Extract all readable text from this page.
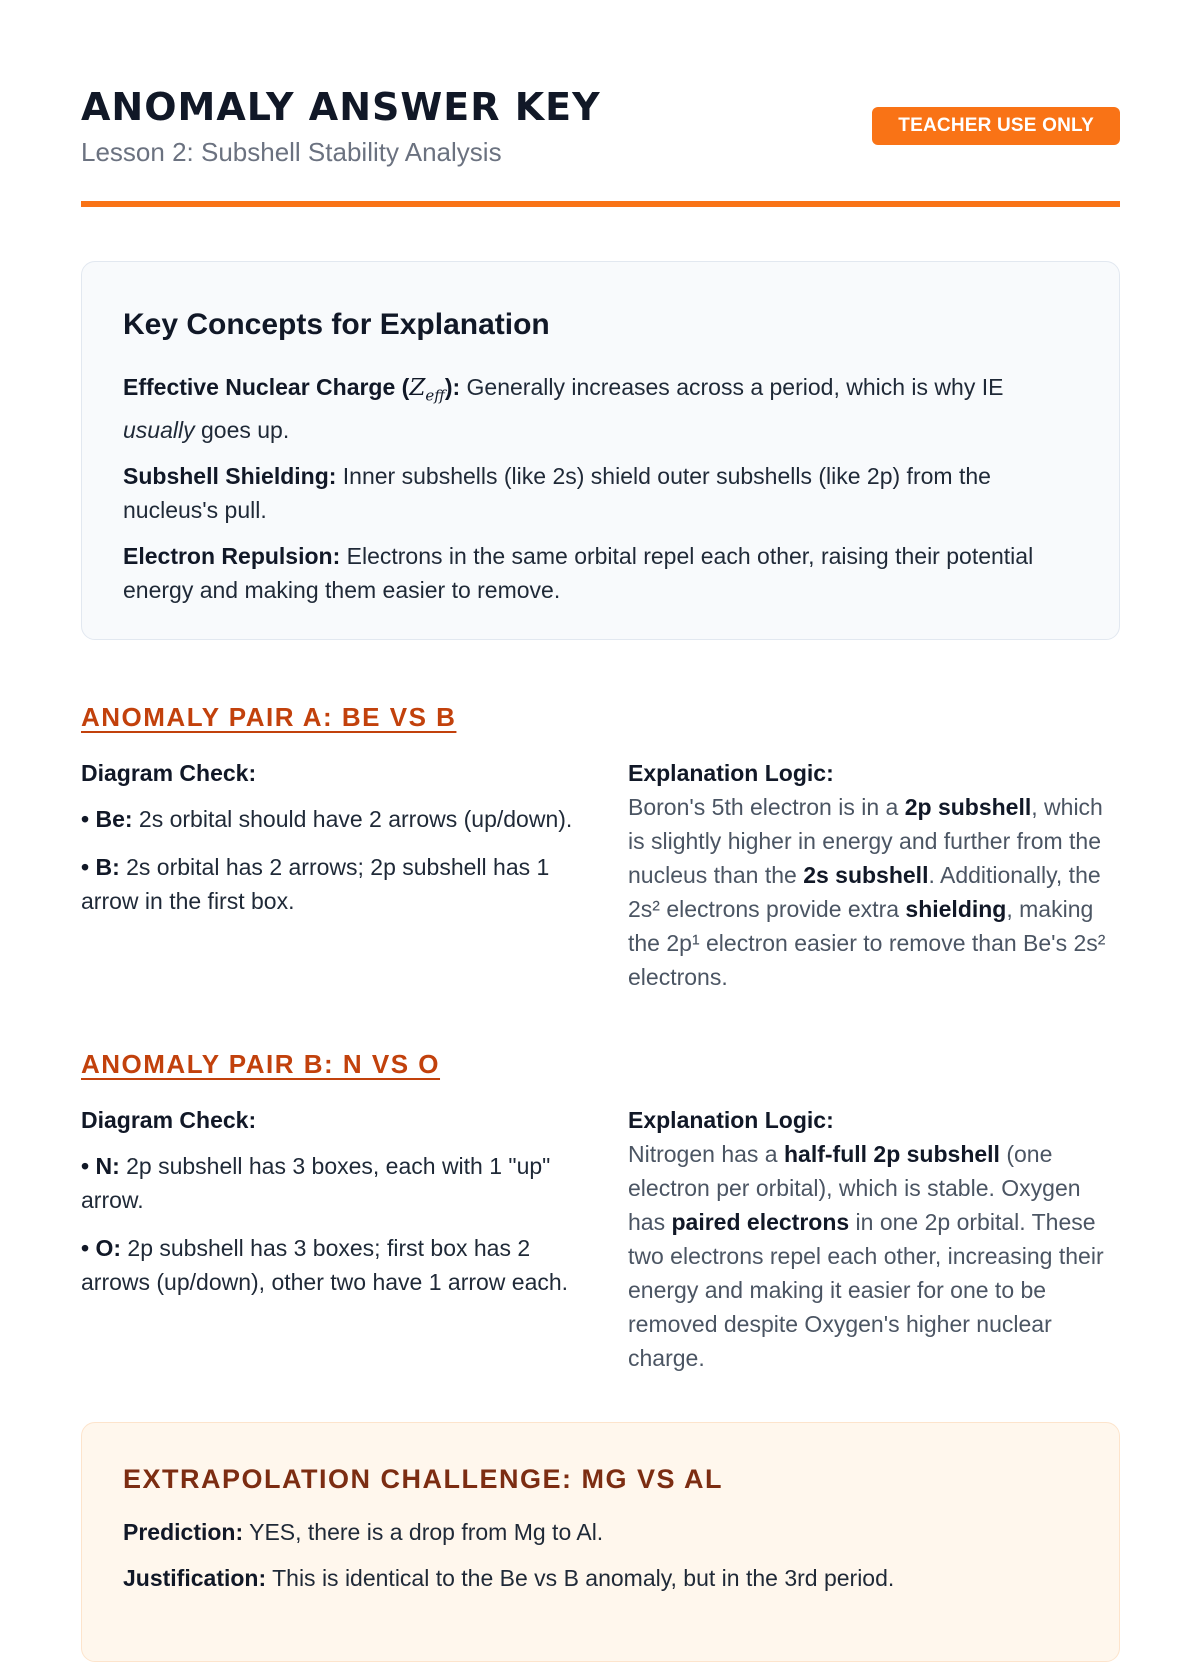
ANOMALY ANSWER KEY
Lesson 2: Subshell Stability Analysis
TEACHER USE ONLY
Key Concepts for Explanation

Effective Nuclear Charge $(Z_{eff})$: Generally increases across a period, which is why IE usually goes up.

Subshell Shielding: Inner subshells (like 2s) shield outer subshells (like 2p) from the nucleus's pull.

Electron Repulsion: Electrons in the same orbital repel each other, raising their potential energy and making them easier to remove.

ANOMALY PAIR A: BE VS B
Diagram Check:
• Be: 2s orbital should have 2 arrows (up/down).
• B: 2s orbital has 2 arrows; 2p subshell has 1 arrow in the first box.
Explanation Logic:
Boron's 5th electron is in a 2p subshell, which is slightly higher in energy and further from the nucleus than the 2s subshell. Additionally, the 2s² electrons provide extra shielding, making the 2p¹ electron easier to remove than Be's 2s² electrons.
ANOMALY PAIR B: N VS O
Diagram Check:
• N: 2p subshell has 3 boxes, each with 1 "up" arrow.
• O: 2p subshell has 3 boxes; first box has 2 arrows (up/down), other two have 1 arrow each.
Explanation Logic:
Nitrogen has a half-full 2p subshell (one electron per orbital), which is stable. Oxygen has paired electrons in one 2p orbital. These two electrons repel each other, increasing their energy and making it easier for one to be removed despite Oxygen's higher nuclear charge.
EXTRAPOLATION CHALLENGE: MG VS AL

Prediction: YES, there is a drop from Mg to Al.

Justification: This is identical to the Be vs B anomaly, but in the 3rd period.
